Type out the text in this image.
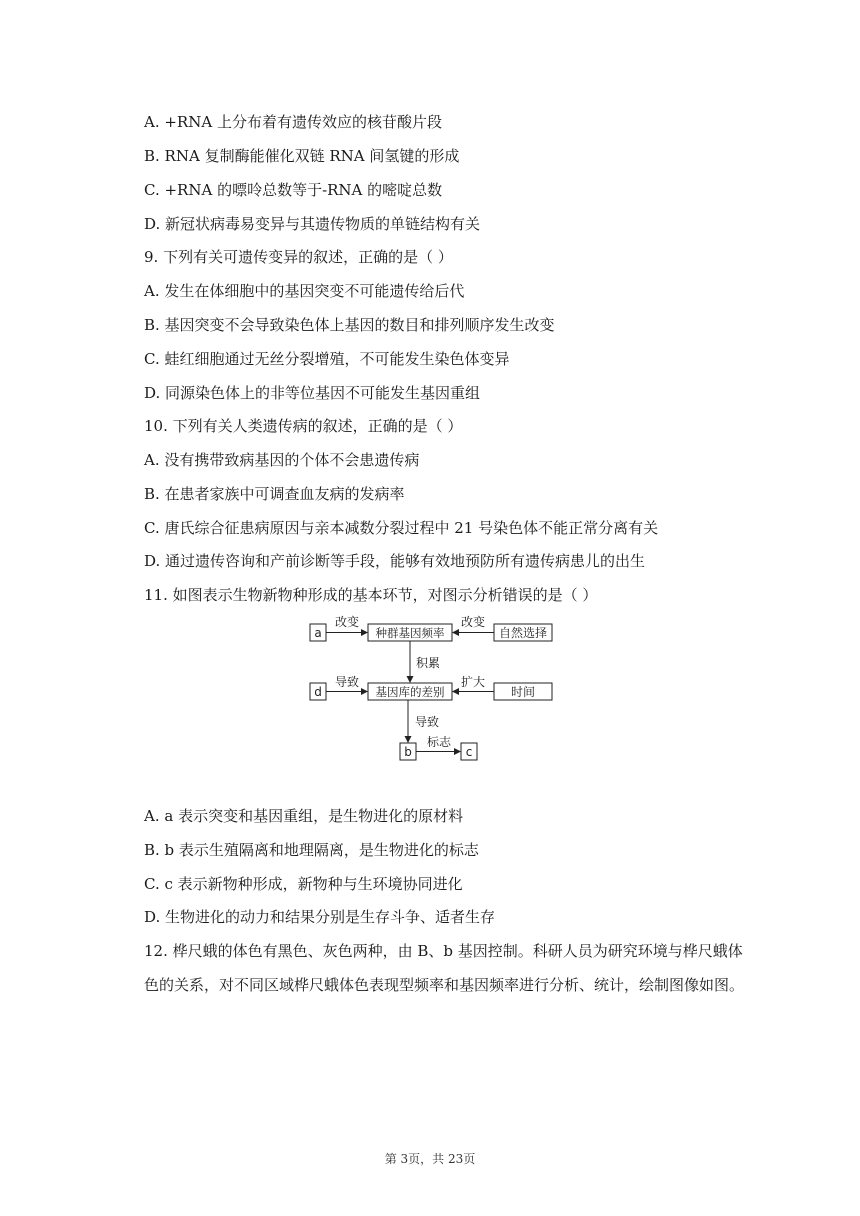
A. +RNA 上分布着有遗传效应的核苷酸片段
B. RNA 复制酶能催化双链 RNA 间氢键的形成
C. +RNA 的嘌呤总数等于-RNA 的嘧啶总数
D. 新冠状病毒易变异与其遗传物质的单链结构有关
9. 下列有关可遗传变异的叙述，正确的是（ ）
A. 发生在体细胞中的基因突变不可能遗传给后代
B. 基因突变不会导致染色体上基因的数目和排列顺序发生改变
C. 蛙红细胞通过无丝分裂增殖，不可能发生染色体变异
D. 同源染色体上的非等位基因不可能发生基因重组
10. 下列有关人类遗传病的叙述，正确的是（ ）
A. 没有携带致病基因的个体不会患遗传病
B. 在患者家族中可调查血友病的发病率
C. 唐氏综合征患病原因与亲本减数分裂过程中 21 号染色体不能正常分离有关
D. 通过遗传咨询和产前诊断等手段，能够有效地预防所有遗传病患儿的出生
11. 如图表示生物新物种形成的基本环节，对图示分析错误的是（ ）
a	种群基因频率	自然选择
d	基因库的差别	时间
b	c
改变	改变
积累
导致	扩大
导致
标志
A. a 表示突变和基因重组，是生物进化的原材料
B. b 表示生殖隔离和地理隔离，是生物进化的标志
C. c 表示新物种形成，新物种与生环境协同进化
D. 生物进化的动力和结果分别是生存斗争、适者生存
12. 桦尺蛾的体色有黑色、灰色两种，由 B、b 基因控制。科研人员为研究环境与桦尺蛾体
色的关系，对不同区域桦尺蛾体色表现型频率和基因频率进行分析、统计，绘制图像如图。
第 3页，共 23页
